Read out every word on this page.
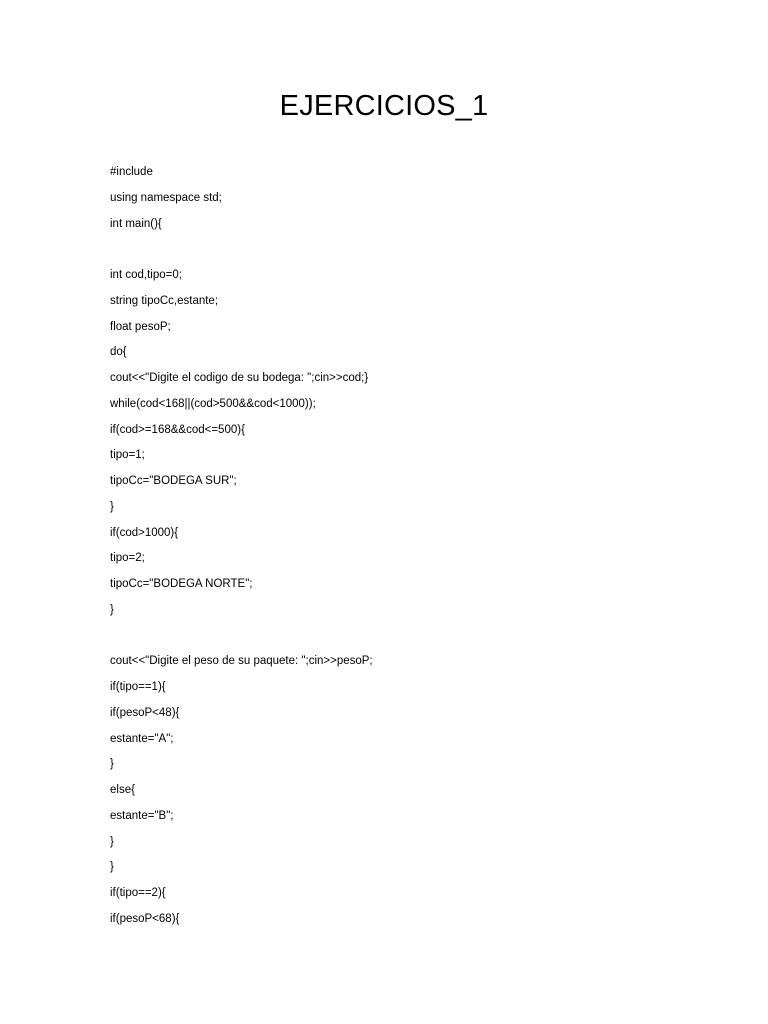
EJERCICIOS_1
#include
using namespace std;
int main(){
int cod,tipo=0;
string tipoCc,estante;
float pesoP;
do{
cout<<"Digite el codigo de su bodega: ";cin>>cod;}
while(cod<168||(cod>500&&cod<1000));
if(cod>=168&&cod<=500){
tipo=1;
tipoCc="BODEGA SUR";
}
if(cod>1000){
tipo=2;
tipoCc="BODEGA NORTE";
}
cout<<"Digite el peso de su paquete: ";cin>>pesoP;
if(tipo==1){
if(pesoP<48){
estante="A";
}
else{
estante="B";
}
}
if(tipo==2){
if(pesoP<68){
